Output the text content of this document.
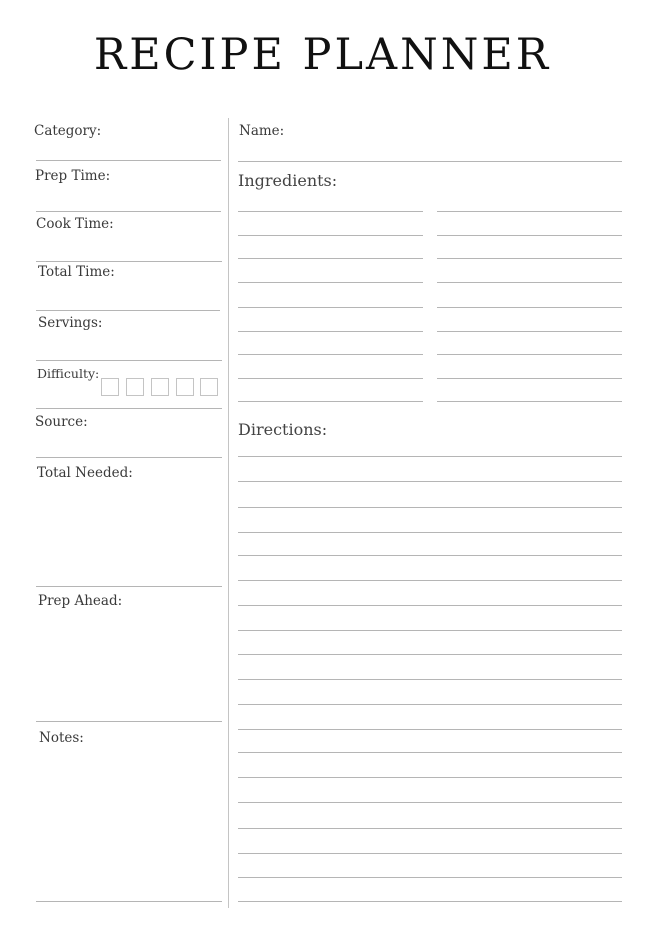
RECIPE PLANNER
Category:
Prep Time:
Cook Time:
Total Time:
Servings:
Difficulty:
Source:
Total Needed:
Prep Ahead:
Notes:
Name:
Ingredients:
Directions:
